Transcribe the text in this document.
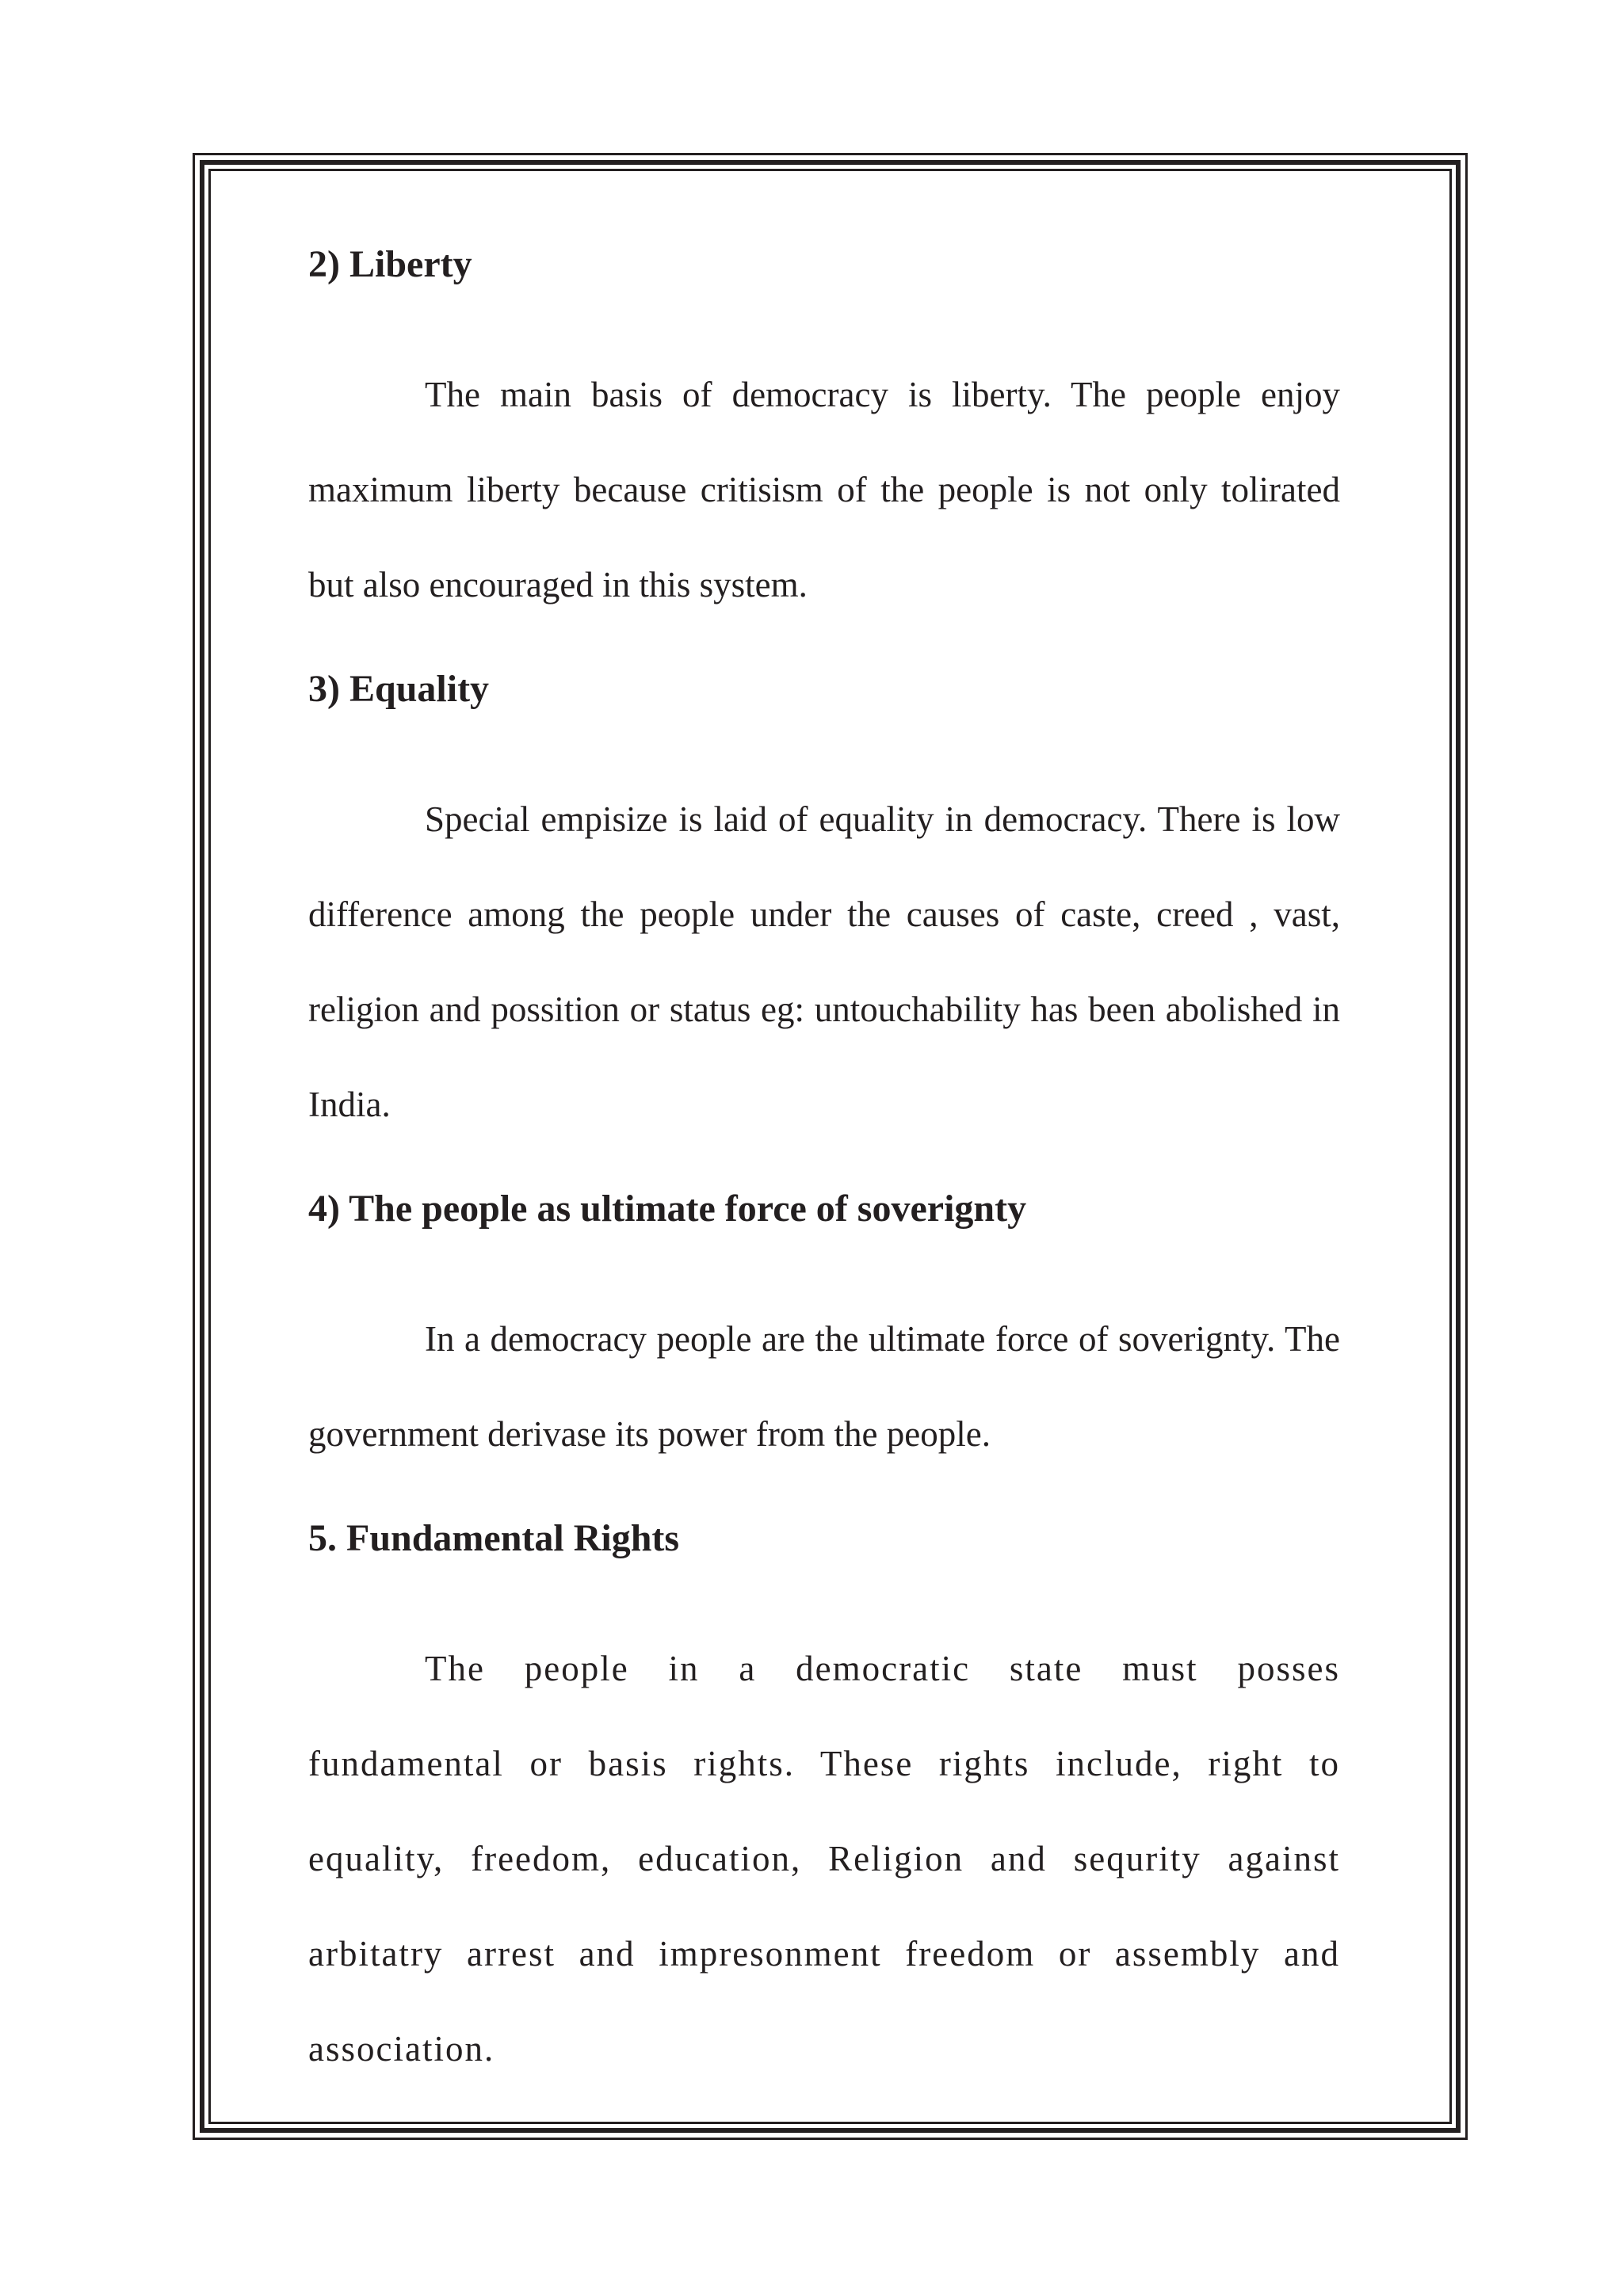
2) Liberty

The main basis of democracy is liberty. The people enjoy maximum liberty because critisism of the people is not only tolirated but also encouraged in this system.

3) Equality

Special empisize is laid of equality in democracy. There is low difference among the people under the causes of caste, creed , vast, religion and possition or status eg: untouchability has been abolished in India.

4) The people as ultimate force of soverignty

In a democracy people are the ultimate force of soverignty. The government derivase its power from the people.

5. Fundamental Rights

The people in a democratic state must posses fundamental or basis rights. These rights include, right to equality, freedom, education, Religion and sequrity against arbitatry arrest and impresonment freedom or assembly and association.
